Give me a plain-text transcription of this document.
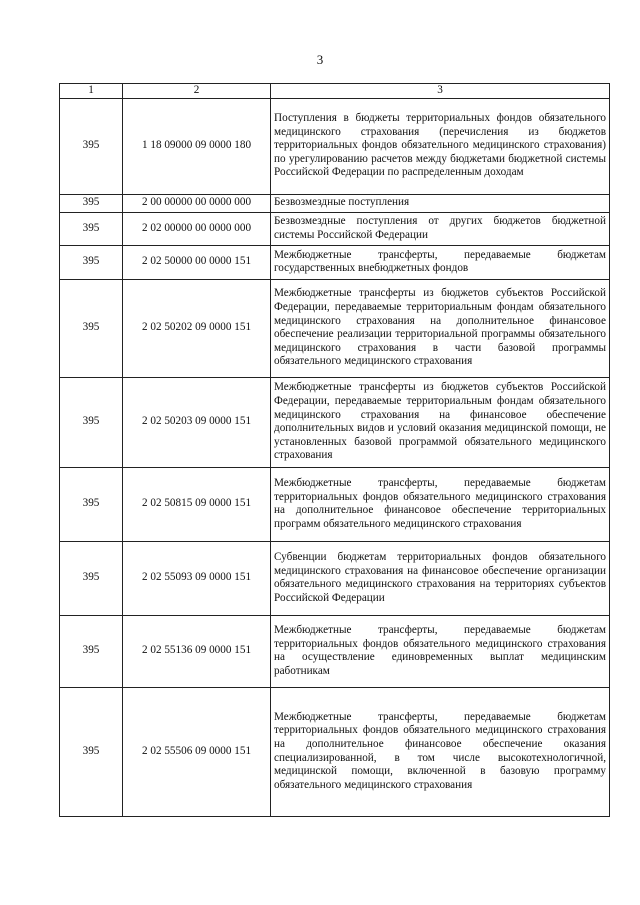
3
1	2	3
395	1 18 09000 09 0000 180	Поступления в бюджеты территориальных фондов обязательного медицинского страхования (перечисления из бюджетов территориальных фондов обязательного медицинского страхования) по урегулированию расчетов между бюджетами бюджетной системы Российской Федерации по распределенным доходам
395	2 00 00000 00 0000 000	Безвозмездные поступления
395	2 02 00000 00 0000 000	Безвозмездные поступления от других бюджетов бюджетной системы Российской Федерации
395	2 02 50000 00 0000 151	Межбюджетные трансферты, передаваемые бюджетам государственных внебюджетных фондов
395	2 02 50202 09 0000 151	Межбюджетные трансферты из бюджетов субъектов Российской Федерации, передаваемые территориальным фондам обязательного медицинского страхования на дополнительное финансовое обеспечение реализации территориальной программы обязательного медицинского страхования в части базовой программы обязательного медицинского страхования
395	2 02 50203 09 0000 151	Межбюджетные трансферты из бюджетов субъектов Российской Федерации, передаваемые территориальным фондам обязательного медицинского страхования на финансовое обеспечение дополнительных видов и условий оказания медицинской помощи, не установленных базовой программой обязательного медицинского страхования
395	2 02 50815 09 0000 151	Межбюджетные трансферты, передаваемые бюджетам территориальных фондов обязательного медицинского страхования на дополнительное финансовое обеспечение территориальных программ обязательного медицинского страхования
395	2 02 55093 09 0000 151	Субвенции бюджетам территориальных фондов обязательного медицинского страхования на финансовое обеспечение организации обязательного медицинского страхования на территориях субъектов Российской Федерации
395	2 02 55136 09 0000 151	Межбюджетные трансферты, передаваемые бюджетам территориальных фондов обязательного медицинского страхования на осуществление единовременных выплат медицинским работникам
395	2 02 55506 09 0000 151	Межбюджетные трансферты, передаваемые бюджетам территориальных фондов обязательного медицинского страхования на дополнительное финансовое обеспечение оказания специализированной, в том числе высокотехнологичной, медицинской помощи, включенной в базовую программу обязательного медицинского страхования
